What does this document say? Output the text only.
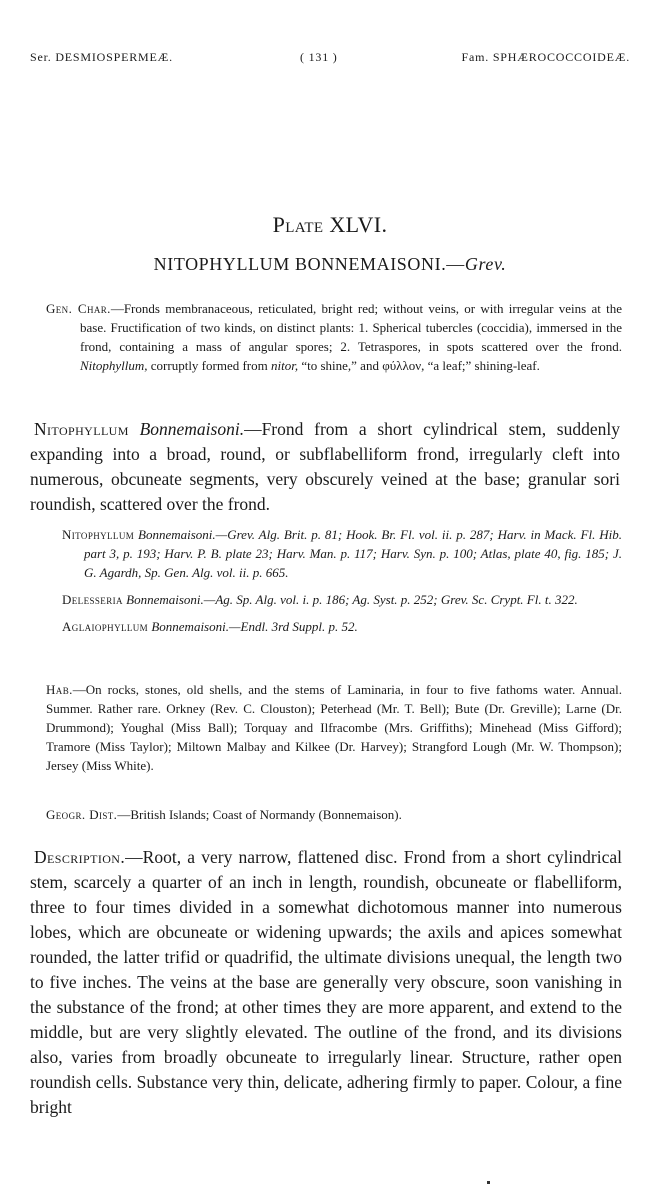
Ser. DESMIOSPERMEÆ.	( 131 )	Fam. SPHÆROCOCCOIDEÆ.
Plate XLVI.
NITOPHYLLUM BONNEMAISONI.—Grev.

Gen. Char.—Fronds membranaceous, reticulated, bright red; without veins, or with irregular veins at the base. Fructification of two kinds, on distinct plants: 1. Spherical tubercles (coccidia), immersed in the frond, containing a mass of angular spores; 2. Tetraspores, in spots scattered over the frond. Nitophyllum, corruptly formed from nitor, “to shine,” and φύλλον, “a leaf;” shining-leaf.

Nitophyllum Bonnemaisoni.—Frond from a short cylindrical stem, suddenly expanding into a broad, round, or subflabelliform frond, irregularly cleft into numerous, obcuneate segments, very obscurely veined at the base; granular sori roundish, scattered over the frond.

Nitophyllum Bonnemaisoni.—Grev. Alg. Brit. p. 81; Hook. Br. Fl. vol. ii. p. 287; Harv. in Mack. Fl. Hib. part 3, p. 193; Harv. P. B. plate 23; Harv. Man. p. 117; Harv. Syn. p. 100; Atlas, plate 40, fig. 185; J. G. Agardh, Sp. Gen. Alg. vol. ii. p. 665.

Delesseria Bonnemaisoni.—Ag. Sp. Alg. vol. i. p. 186; Ag. Syst. p. 252; Grev. Sc. Crypt. Fl. t. 322.

Aglaiophyllum Bonnemaisoni.—Endl. 3rd Suppl. p. 52.

Hab.—On rocks, stones, old shells, and the stems of Laminaria, in four to five fathoms water. Annual. Summer. Rather rare. Orkney (Rev. C. Clouston); Peterhead (Mr. T. Bell); Bute (Dr. Greville); Larne (Dr. Drummond); Youghal (Miss Ball); Torquay and Ilfracombe (Mrs. Griffiths); Minehead (Miss Gifford); Tramore (Miss Taylor); Miltown Malbay and Kilkee (Dr. Harvey); Strangford Lough (Mr. W. Thompson); Jersey (Miss White).

Geogr. Dist.—British Islands; Coast of Normandy (Bonnemaison).

Description.—Root, a very narrow, flattened disc. Frond from a short cylindrical stem, scarcely a quarter of an inch in length, roundish, obcuneate or flabelliform, three to four times divided in a somewhat dichotomous manner into numerous lobes, which are obcuneate or widening upwards; the axils and apices somewhat rounded, the latter trifid or quadrifid, the ultimate divisions unequal, the length two to five inches. The veins at the base are generally very obscure, soon vanishing in the substance of the frond; at other times they are more apparent, and extend to the middle, but are very slightly elevated. The outline of the frond, and its divisions also, varies from broadly obcuneate to irregularly linear. Structure, rather open roundish cells. Substance very thin, delicate, adhering firmly to paper. Colour, a fine bright
